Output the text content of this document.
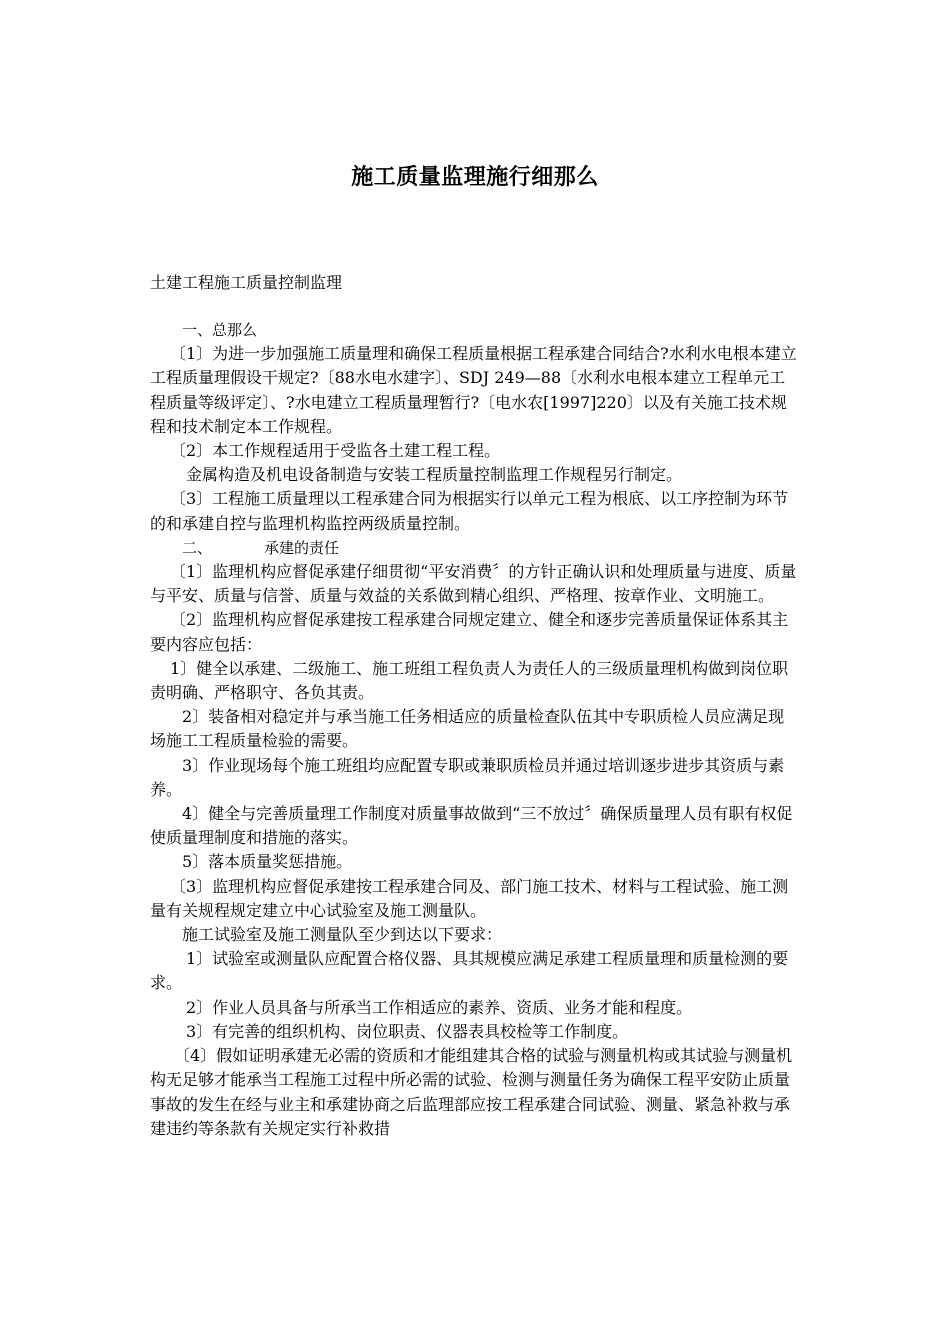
施工质量监理施行细那么
土建工程施工质量控制监理

一、总那么

〔1〕为进一步加强施工质量理和确保工程质量根据工程承建合同结合?水利水电根本建立工程质量理假设干规定?〔88水电水建字〕、SDJ 249—88〔水利水电根本建立工程单元工程质量等级评定〕、?水电建立工程质量理暂行?〔电水农[1997]220〕以及有关施工技术规程和技术制定本工作规程。

〔2〕本工作规程适用于受监各土建工程工程。

金属构造及机电设备制造与安装工程质量控制监理工作规程另行制定。

〔3〕工程施工质量理以工程承建合同为根据实行以单元工程为根底、以工序控制为环节的和承建自控与监理机构监控两级质量控制。

二、	承建的责任

〔1〕监理机构应督促承建仔细贯彻“平安消费〞的方针正确认识和处理质量与进度、质量与平安、质量与信誉、质量与效益的关系做到精心组织、严格理、按章作业、文明施工。

〔2〕监理机构应督促承建按工程承建合同规定建立、健全和逐步完善质量保证体系其主要内容应包括：

1〕健全以承建、二级施工、施工班组工程负责人为责任人的三级质量理机构做到岗位职责明确、严格职守、各负其责。

2〕装备相对稳定并与承当施工任务相适应的质量检查队伍其中专职质检人员应满足现场施工工程质量检验的需要。

3〕作业现场每个施工班组均应配置专职或兼职质检员并通过培训逐步进步其资质与素养。

4〕健全与完善质量理工作制度对质量事故做到“三不放过〞确保质量理人员有职有权促使质量理制度和措施的落实。

5〕落本质量奖惩措施。

〔3〕监理机构应督促承建按工程承建合同及、部门施工技术、材料与工程试验、施工测量有关规程规定建立中心试验室及施工测量队。

施工试验室及施工测量队至少到达以下要求：

1〕试验室或测量队应配置合格仪器、具其规模应满足承建工程质量理和质量检测的要求。

2〕作业人员具备与所承当工作相适应的素养、资质、业务才能和程度。

3〕有完善的组织机构、岗位职责、仪器表具校检等工作制度。

〔4〕假如证明承建无必需的资质和才能组建其合格的试验与测量机构或其试验与测量机构无足够才能承当工程施工过程中所必需的试验、检测与测量任务为确保工程平安防止质量事故的发生在经与业主和承建协商之后监理部应按工程承建合同试验、测量、紧急补救与承建违约等条款有关规定实行补救措
